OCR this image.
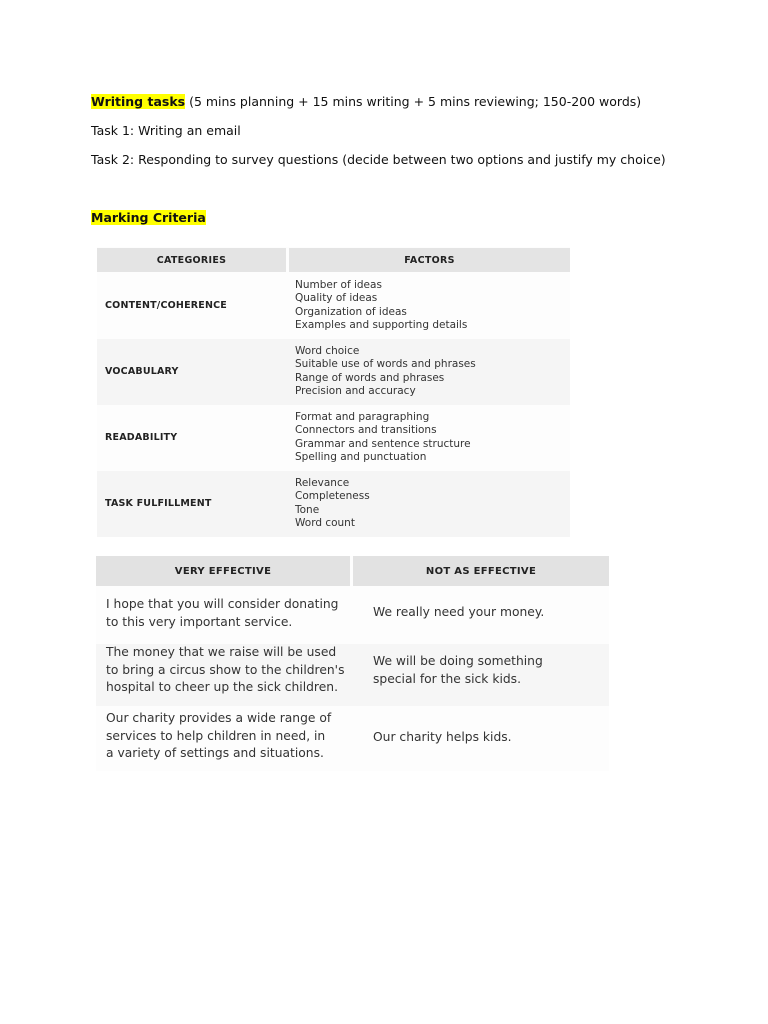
Writing tasks (5 mins planning + 15 mins writing + 5 mins reviewing; 150-200 words)
Task 1: Writing an email
Task 2: Responding to survey questions (decide between two options and justify my choice)
Marking Criteria
CATEGORIES	FACTORS
CONTENT/COHERENCE
Number of ideas
Quality of ideas
Organization of ideas
Examples and supporting details
VOCABULARY
Word choice
Suitable use of words and phrases
Range of words and phrases
Precision and accuracy
READABILITY
Format and paragraphing
Connectors and transitions
Grammar and sentence structure
Spelling and punctuation
TASK FULFILLMENT
Relevance
Completeness
Tone
Word count
VERY EFFECTIVE	NOT AS EFFECTIVE
I hope that you will consider donating
to this very important service.
We really need your money.
The money that we raise will be used
to bring a circus show to the children's
hospital to cheer up the sick children.
We will be doing something
special for the sick kids.
Our charity provides a wide range of
services to help children in need, in
a variety of settings and situations.
Our charity helps kids.
